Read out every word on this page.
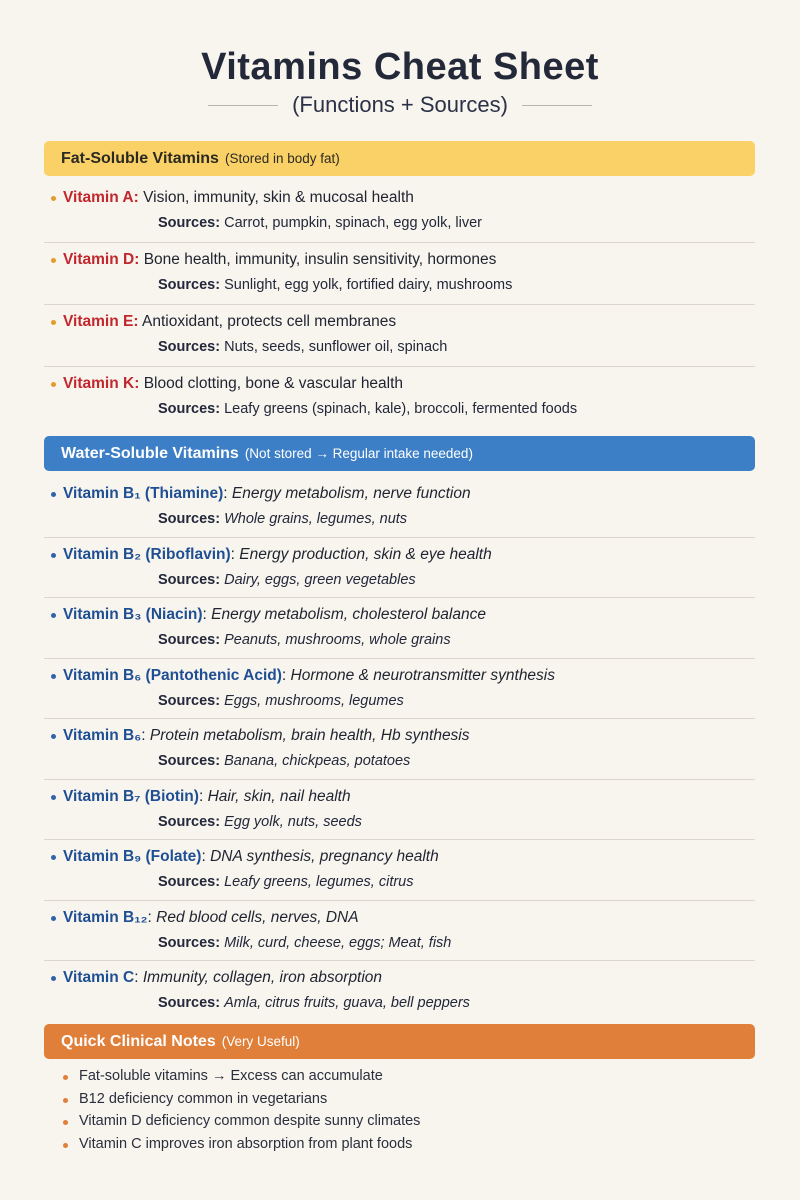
Vitamins Cheat Sheet
(Functions + Sources)
Fat-Soluble Vitamins (Stored in body fat)
Vitamin A: Vision, immunity, skin & mucosal health
Sources: Carrot, pumpkin, spinach, egg yolk, liver
Vitamin D: Bone health, immunity, insulin sensitivity, hormones
Sources: Sunlight, egg yolk, fortified dairy, mushrooms
Vitamin E: Antioxidant, protects cell membranes
Sources: Nuts, seeds, sunflower oil, spinach
Vitamin K: Blood clotting, bone & vascular health
Sources: Leafy greens (spinach, kale), broccoli, fermented foods
Water-Soluble Vitamins (Not stored → Regular intake needed)
Vitamin B₁ (Thiamine): Energy metabolism, nerve function
Sources: Whole grains, legumes, nuts
Vitamin B₂ (Riboflavin): Energy production, skin & eye health
Sources: Dairy, eggs, green vegetables
Vitamin B₃ (Niacin): Energy metabolism, cholesterol balance
Sources: Peanuts, mushrooms, whole grains
Vitamin B₆ (Pantothenic Acid): Hormone & neurotransmitter synthesis
Sources: Eggs, mushrooms, legumes
Vitamin B₆: Protein metabolism, brain health, Hb synthesis
Sources: Banana, chickpeas, potatoes
Vitamin B₇ (Biotin): Hair, skin, nail health
Sources: Egg yolk, nuts, seeds
Vitamin B₉ (Folate): DNA synthesis, pregnancy health
Sources: Leafy greens, legumes, citrus
Vitamin B₁₂: Red blood cells, nerves, DNA
Sources: Milk, curd, cheese, eggs; Meat, fish
Vitamin C: Immunity, collagen, iron absorption
Sources: Amla, citrus fruits, guava, bell peppers
Quick Clinical Notes (Very Useful)
Fat-soluble vitamins → Excess can accumulate
B12 deficiency common in vegetarians
Vitamin D deficiency common despite sunny climates
Vitamin C improves iron absorption from plant foods
